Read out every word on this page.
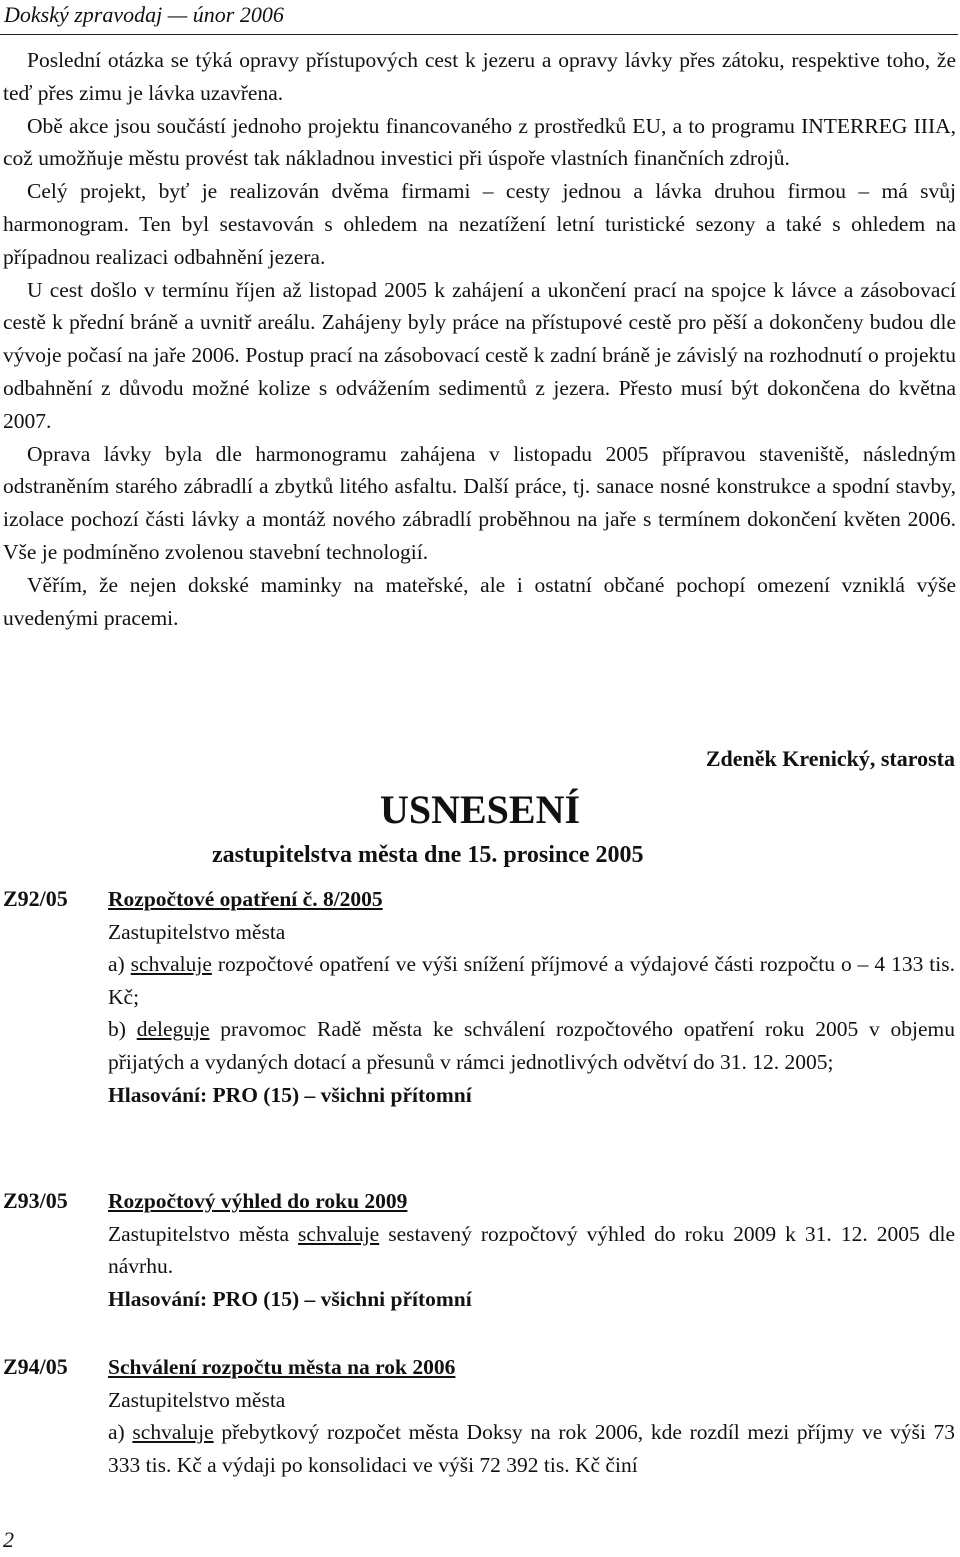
Dokský zpravodaj — únor 2006

Poslední otázka se týká opravy přístupových cest k jezeru a opravy lávky přes zátoku, respektive toho, že teď přes zimu je lávka uzavřena.

Obě akce jsou součástí jednoho projektu financovaného z prostředků EU, a to programu INTERREG IIIA, což umožňuje městu provést tak nákladnou investici při úspoře vlastních finančních zdrojů.

Celý projekt, byť je realizován dvěma firmami – cesty jednou a lávka druhou firmou – má svůj harmonogram. Ten byl sestavován s ohledem na nezatížení letní turistické sezony a také s ohledem na případnou realizaci odbahnění jezera.

U cest došlo v termínu říjen až listopad 2005 k zahájení a ukončení prací na spojce k lávce a zásobovací cestě k přední bráně a uvnitř areálu. Zahájeny byly práce na přístupové cestě pro pěší a dokončeny budou dle vývoje počasí na jaře 2006. Postup prací na zásobovací cestě k zadní bráně je závislý na rozhodnutí o projektu odbahnění z důvodu možné kolize s odvážením sedimentů z jezera. Přesto musí být dokončena do května 2007.

Oprava lávky byla dle harmonogramu zahájena v listopadu 2005 přípravou staveniště, následným odstraněním starého zábradlí a zbytků litého asfaltu. Další práce, tj. sanace nosné konstrukce a spodní stavby, izolace pochozí části lávky a montáž nového zábradlí proběhnou na jaře s termínem dokončení květen 2006. Vše je podmíněno zvolenou stavební technologií.

Věřím, že nejen dokské maminky na mateřské, ale i ostatní občané pochopí omezení vzniklá výše uvedenými pracemi.

Zdeněk Krenický, starosta
USNESENÍ
zastupitelstva města dne 15. prosince 2005
Z92/05 Rozpočtové opatření č. 8/2005
Zastupitelstvo města
a) schvaluje rozpočtové opatření ve výši snížení příjmové a výdajové části rozpočtu o – 4 133 tis. Kč;
b) deleguje pravomoc Radě města ke schválení rozpočtového opatření roku 2005 v objemu přijatých a vydaných dotací a přesunů v rámci jednotlivých odvětví do 31. 12. 2005;
Hlasování: PRO (15) – všichni přítomní
Z93/05 Rozpočtový výhled do roku 2009
Zastupitelstvo města schvaluje sestavený rozpočtový výhled do roku 2009 k 31. 12. 2005 dle návrhu.
Hlasování: PRO (15) – všichni přítomní
Z94/05 Schválení rozpočtu města na rok 2006
Zastupitelstvo města
a) schvaluje přebytkový rozpočet města Doksy na rok 2006, kde rozdíl mezi příjmy ve výši 73 333 tis. Kč a výdaji po konsolidaci ve výši 72 392 tis. Kč činí
2
